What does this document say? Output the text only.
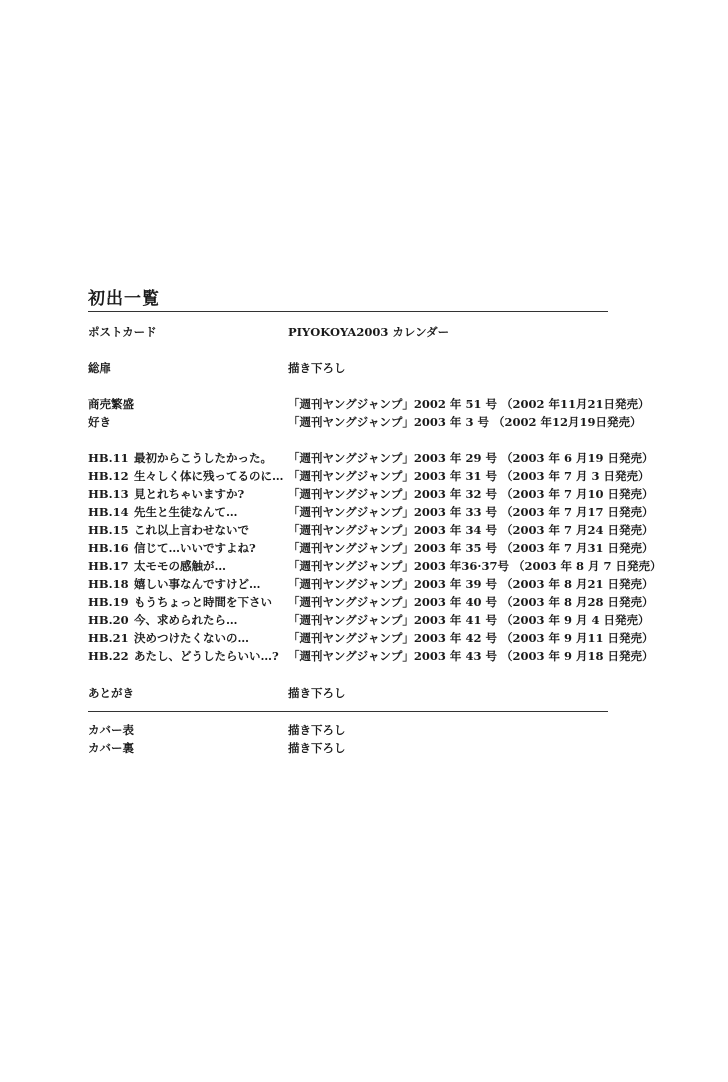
初出一覧
ポストカード	PIYOKOYA2003 カレンダー
総扉	描き下ろし
商売繁盛	「週刊ヤングジャンプ」2002 年 51 号 （2002 年11月21日発売）
好き	「週刊ヤングジャンプ」2003 年 3 号 （2002 年12月19日発売）
HB.11 最初からこうしたかった。 「週刊ヤングジャンプ」2003 年 29 号 （2003 年 6 月19 日発売）
HB.12 生々しく体に残ってるのに… 「週刊ヤングジャンプ」2003 年 31 号 （2003 年 7 月 3 日発売）
HB.13 見とれちゃいますか?	「週刊ヤングジャンプ」2003 年 32 号 （2003 年 7 月10 日発売）
HB.14 先生と生徒なんて…	「週刊ヤングジャンプ」2003 年 33 号 （2003 年 7 月17 日発売）
HB.15 これ以上言わせないで	「週刊ヤングジャンプ」2003 年 34 号 （2003 年 7 月24 日発売）
HB.16 信じて…いいですよね?	「週刊ヤングジャンプ」2003 年 35 号 （2003 年 7 月31 日発売）
HB.17 太モモの感触が…	「週刊ヤングジャンプ」2003 年36·37号 （2003 年 8 月 7 日発売）
HB.18 嬉しい事なんですけど… 「週刊ヤングジャンプ」2003 年 39 号 （2003 年 8 月21 日発売）
HB.19 もうちょっと時間を下さい 「週刊ヤングジャンプ」2003 年 40 号 （2003 年 8 月28 日発売）
HB.20 今、求められたら…	「週刊ヤングジャンプ」2003 年 41 号 （2003 年 9 月 4 日発売）
HB.21 決めつけたくないの…	「週刊ヤングジャンプ」2003 年 42 号 （2003 年 9 月11 日発売）
HB.22 あたし、どうしたらいい…? 「週刊ヤングジャンプ」2003 年 43 号 （2003 年 9 月18 日発売）
あとがき	描き下ろし
カバー表	描き下ろし
カバー裏	描き下ろし
